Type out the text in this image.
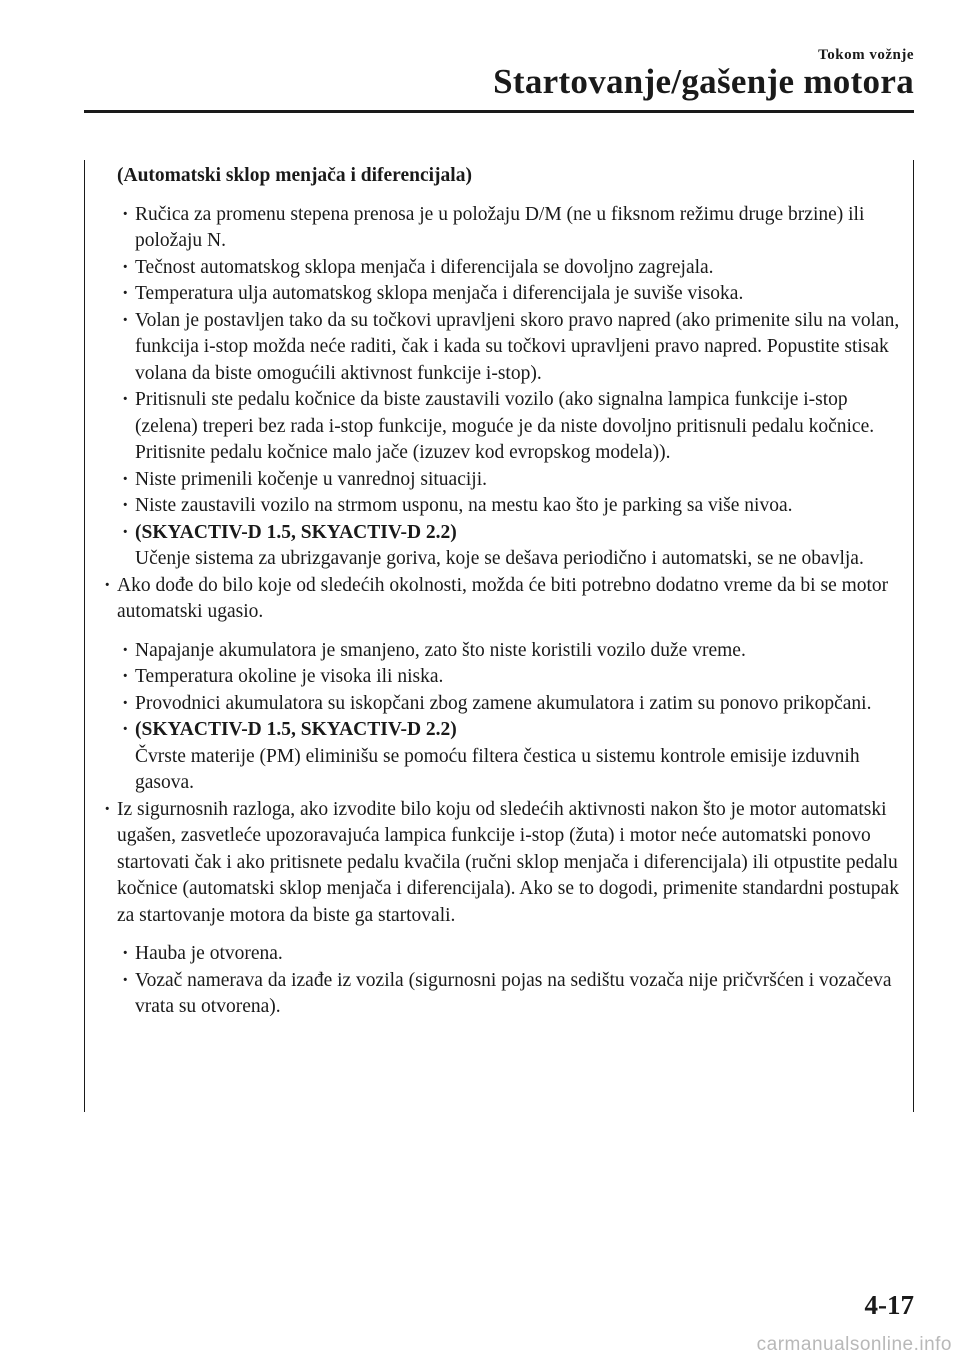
Tokom vožnje
Startovanje/gašenje motora
(Automatski sklop menjača i diferencijala)
· Ručica za promenu stepena prenosa je u položaju D/M (ne u fiksnom režimu druge brzine) ili položaju N.
· Tečnost automatskog sklopa menjača i diferencijala se dovoljno zagrejala.
· Temperatura ulja automatskog sklopa menjača i diferencijala je suviše visoka.
· Volan je postavljen tako da su točkovi upravljeni skoro pravo napred (ako primenite silu na volan, funkcija i-stop možda neće raditi, čak i kada su točkovi upravljeni pravo napred. Popustite stisak volana da biste omogućili aktivnost funkcije i-stop).
· Pritisnuli ste pedalu kočnice da biste zaustavili vozilo (ako signalna lampica funkcije i-stop (zelena) treperi bez rada i-stop funkcije, moguće je da niste dovoljno pritisnuli pedalu kočnice. Pritisnite pedalu kočnice malo jače (izuzev kod evropskog modela)).
· Niste primenili kočenje u vanrednoj situaciji.
· Niste zaustavili vozilo na strmom usponu, na mestu kao što je parking sa više nivoa.
· (SKYACTIV-D 1.5, SKYACTIV-D 2.2)
Učenje sistema za ubrizgavanje goriva, koje se dešava periodično i automatski, se ne obavlja.
· Ako dođe do bilo koje od sledećih okolnosti, možda će biti potrebno dodatno vreme da bi se motor automatski ugasio.
· Napajanje akumulatora je smanjeno, zato što niste koristili vozilo duže vreme.
· Temperatura okoline je visoka ili niska.
· Provodnici akumulatora su iskopčani zbog zamene akumulatora i zatim su ponovo prikopčani.
· (SKYACTIV-D 1.5, SKYACTIV-D 2.2)
Čvrste materije (PM) eliminišu se pomoću filtera čestica u sistemu kontrole emisije izduvnih gasova.
· Iz sigurnosnih razloga, ako izvodite bilo koju od sledećih aktivnosti nakon što je motor automatski ugašen, zasvetleće upozoravajuća lampica funkcije i-stop (žuta) i motor neće automatski ponovo startovati čak i ako pritisnete pedalu kvačila (ručni sklop menjača i diferencijala) ili otpustite pedalu kočnice (automatski sklop menjača i diferencijala). Ako se to dogodi, primenite standardni postupak za startovanje motora da biste ga startovali.
· Hauba je otvorena.
· Vozač namerava da izađe iz vozila (sigurnosni pojas na sedištu vozača nije pričvršćen i vozačeva vrata su otvorena).
4-17
carmanualsonline.info
